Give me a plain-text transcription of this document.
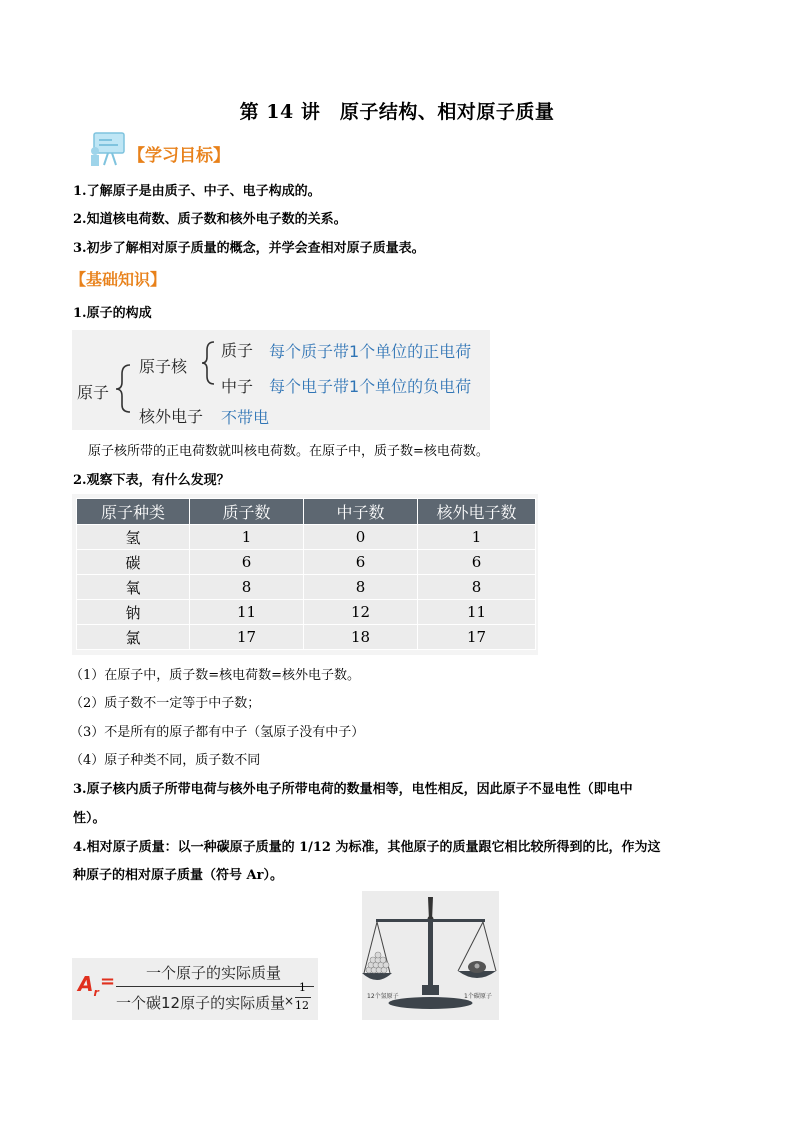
第 14 讲　原子结构、相对原子质量
【学习目标】
1.了解原子是由质子、中子、电子构成的。
2.知道核电荷数、质子数和核外电子数的关系。
3.初步了解相对原子质量的概念，并学会查相对原子质量表。
【基础知识】
1.原子的构成
原子
原子核
质子 每个质子带1个单位的正电荷
中子 每个电子带1个单位的负电荷
核外电子 不带电
原子核所带的正电荷数就叫核电荷数。在原子中，质子数=核电荷数。
2.观察下表，有什么发现？
原子种类	质子数	中子数	核外电子数
氢	1	0	1
碳	6	6	6
氧	8	8	8
钠	11	12	11
氯	17	18	17
（1）在原子中，质子数=核电荷数=核外电子数。
（2）质子数不一定等于中子数；
（3）不是所有的原子都有中子（氢原子没有中子）
（4）原子种类不同，质子数不同
3.原子核内质子所带电荷与核外电子所带电荷的数量相等，电性相反，因此原子不显电性（即电中
性）。
4.相对原子质量：以一种碳原子质量的 1/12 为标准，其他原子的质量跟它相比较所得到的比，作为这
种原子的相对原子质量（符号 Ar）。
$A_r$
= 一个原子的实际质量
一个碳12原子的实际质量
×
1
12
12个氢原子	1个碳原子
